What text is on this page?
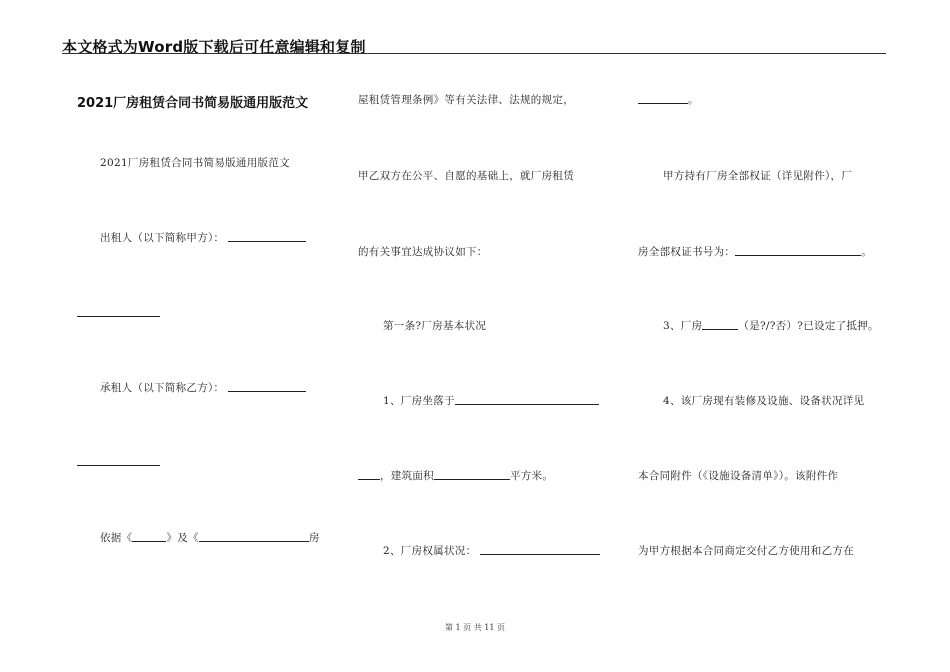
本文格式为Word版下载后可任意编辑和复制
2021厂房租赁合同书简易版通用版范文
2021厂房租赁合同书简易版通用版范文
出租人（以下简称甲方）：
承租人（以下简称乙方）：
依据《	》及《	房
屋租赁管理条例》等有关法律、法规的规定，
甲乙双方在公平、自愿的基础上，就厂房租赁
的有关事宜达成协议如下：
第一条?厂房基本状况
1、厂房坐落于
，建筑面积	平方米。
2、厂房权属状况：
。
甲方持有厂房全部权证（详见附件），厂
房全部权证书号为：	。
3、厂房	（是?/?否）?已设定了抵押。
4、该厂房现有装修及设施、设备状况详见
本合同附件（《设施设备清单》）。该附件作
为甲方根据本合同商定交付乙方使用和乙方在
第 1 页 共 11 页
